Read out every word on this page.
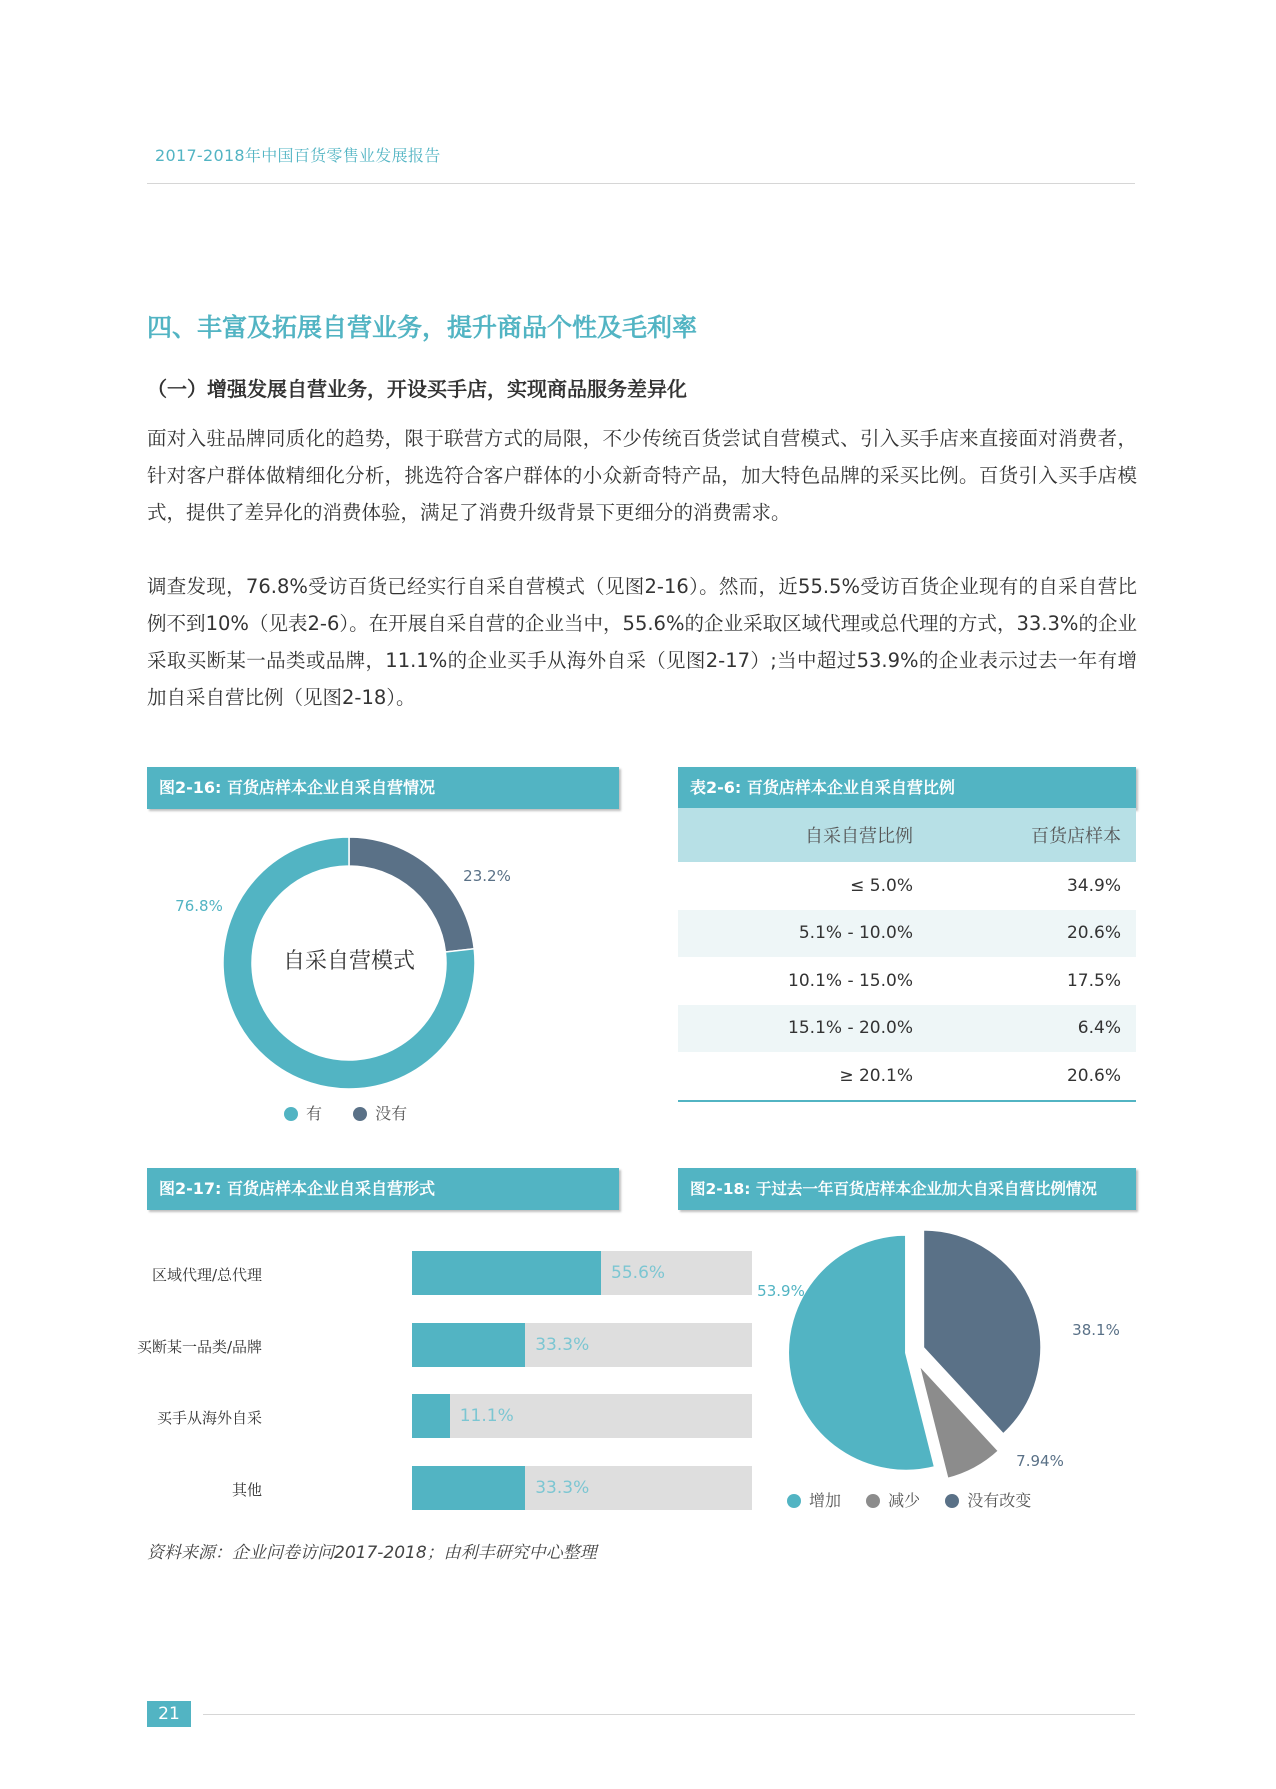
2017-2018年中国百货零售业发展报告
四、丰富及拓展自营业务，提升商品个性及毛利率
（一）增强发展自营业务，开设买手店，实现商品服务差异化
面对入驻品牌同质化的趋势，限于联营方式的局限，不少传统百货尝试自营模式、引入买手店来直接面对消费者，针对客户群体做精细化分析，挑选符合客户群体的小众新奇特产品，加大特色品牌的采买比例。百货引入买手店模式，提供了差异化的消费体验，满足了消费升级背景下更细分的消费需求。
调查发现，76.8%受访百货已经实行自采自营模式（见图2-16）。然而，近55.5%受访百货企业现有的自采自营比例不到10%（见表2-6）。在开展自采自营的企业当中，55.6%的企业采取区域代理或总代理的方式，33.3%的企业采取买断某一品类或品牌，11.1%的企业买手从海外自采（见图2-17）;当中超过53.9%的企业表示过去一年有增加自采自营比例（见图2-18）。
图2-16: 百货店样本企业自采自营情况
自采自营模式
76.8%
23.2%
有	没有
表2-6: 百货店样本企业自采自营比例
自采自营比例	百货店样本
≤ 5.0%	34.9%
5.1% - 10.0%	20.6%
10.1% - 15.0%	17.5%
15.1% - 20.0%	6.4%
≥ 20.1%	20.6%
图2-17: 百货店样本企业自采自营形式
区域代理/总代理	55.6%
买断某一品类/品牌	33.3%
买手从海外自采	11.1%
其他	33.3%
图2-18: 于过去一年百货店样本企业加大自采自营比例情况
53.9%
38.1%
7.94%
增加	减少	没有改变
资料来源：企业问卷访问2017-2018；由利丰研究中心整理
21
